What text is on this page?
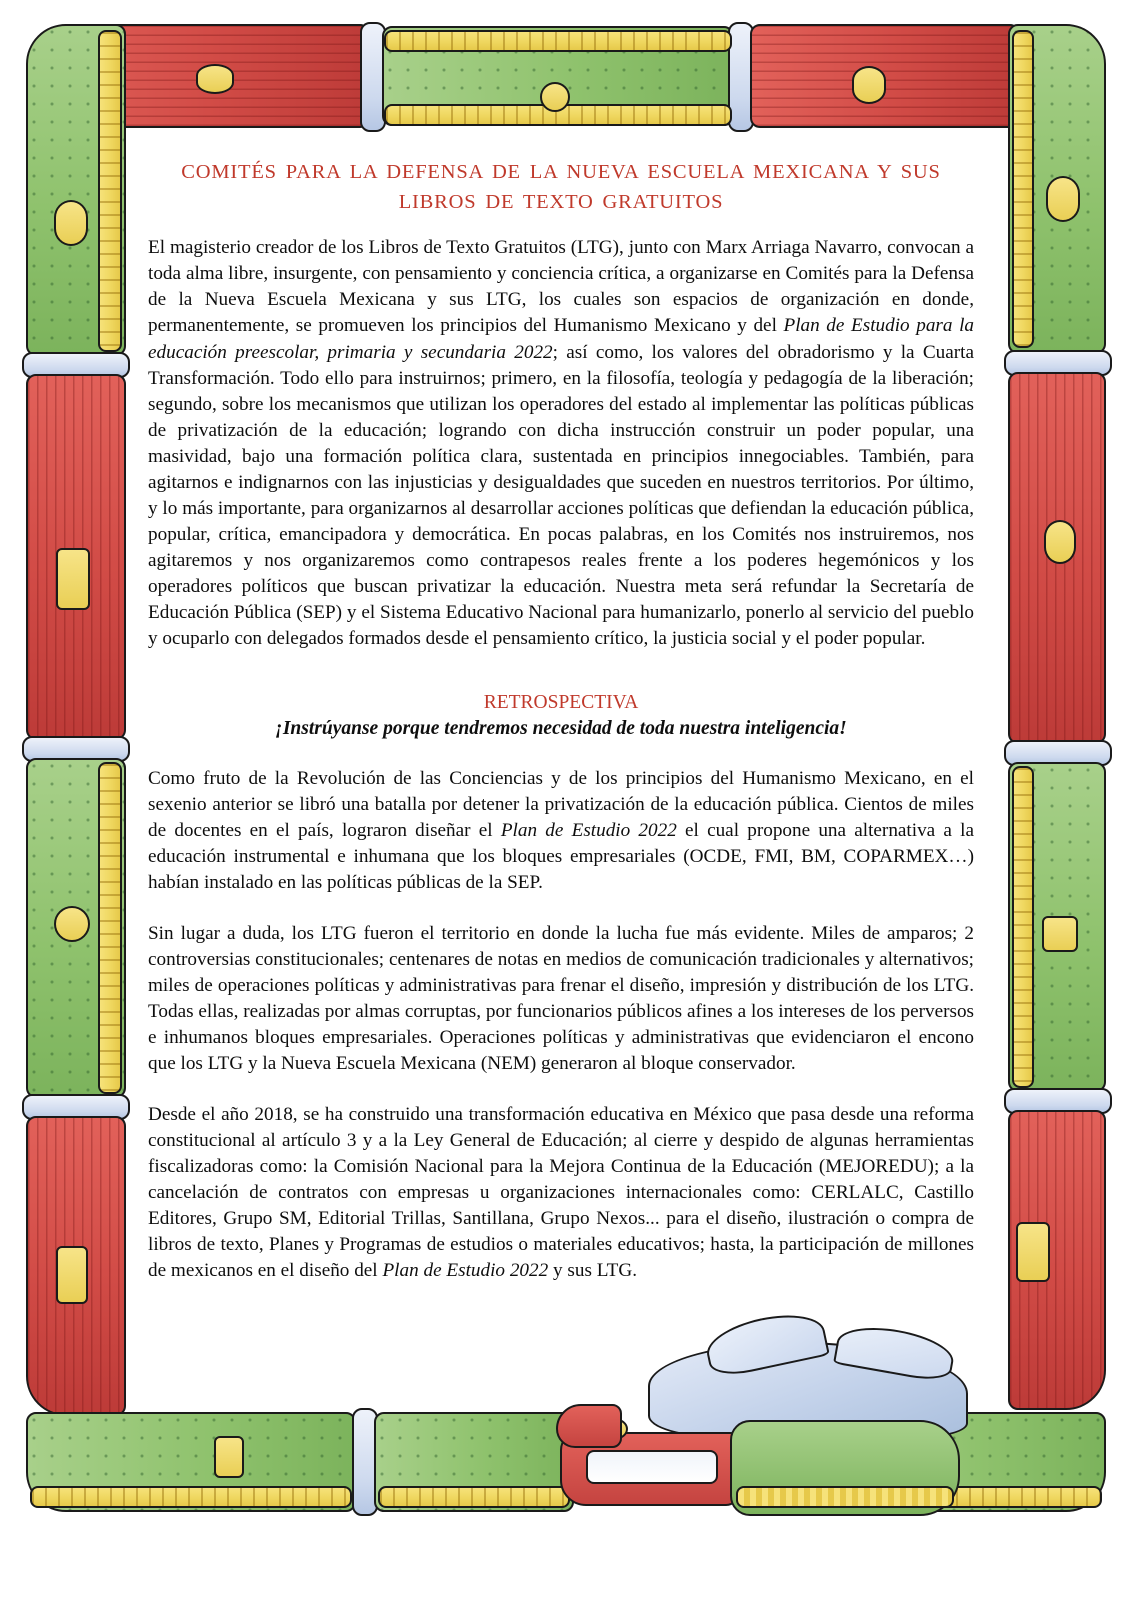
COMITÉS PARA LA DEFENSA DE LA NUEVA ESCUELA MEXICANA Y SUS LIBROS DE TEXTO GRATUITOS

El magisterio creador de los Libros de Texto Gratuitos (LTG), junto con Marx Arriaga Navarro, convocan a toda alma libre, insurgente, con pensamiento y conciencia crítica, a organizarse en Comités para la Defensa de la Nueva Escuela Mexicana y sus LTG, los cuales son espacios de organización en donde, permanentemente, se promueven los principios del Humanismo Mexicano y del Plan de Estudio para la educación preescolar, primaria y secundaria 2022; así como, los valores del obradorismo y la Cuarta Transformación. Todo ello para instruirnos; primero, en la filosofía, teología y pedagogía de la liberación; segundo, sobre los mecanismos que utilizan los operadores del estado al implementar las políticas públicas de privatización de la educación; logrando con dicha instrucción construir un poder popular, una masividad, bajo una formación política clara, sustentada en principios innegociables. También, para agitarnos e indignarnos con las injusticias y desigualdades que suceden en nuestros territorios. Por último, y lo más importante, para organizarnos al desarrollar acciones políticas que defiendan la educación pública, popular, crítica, emancipadora y democrática. En pocas palabras, en los Comités nos instruiremos, nos agitaremos y nos organizaremos como contrapesos reales frente a los poderes hegemónicos y los operadores políticos que buscan privatizar la educación. Nuestra meta será refundar la Secretaría de Educación Pública (SEP) y el Sistema Educativo Nacional para humanizarlo, ponerlo al servicio del pueblo y ocuparlo con delegados formados desde el pensamiento crítico, la justicia social y el poder popular.

RETROSPECTIVA

¡Instrúyanse porque tendremos necesidad de toda nuestra inteligencia!

Como fruto de la Revolución de las Conciencias y de los principios del Humanismo Mexicano, en el sexenio anterior se libró una batalla por detener la privatización de la educación pública. Cientos de miles de docentes en el país, lograron diseñar el Plan de Estudio 2022 el cual propone una alternativa a la educación instrumental e inhumana que los bloques empresariales (OCDE, FMI, BM, COPARMEX…) habían instalado en las políticas públicas de la SEP.

Sin lugar a duda, los LTG fueron el territorio en donde la lucha fue más evidente. Miles de amparos; 2 controversias constitucionales; centenares de notas en medios de comunicación tradicionales y alternativos; miles de operaciones políticas y administrativas para frenar el diseño, impresión y distribución de los LTG. Todas ellas, realizadas por almas corruptas, por funcionarios públicos afines a los intereses de los perversos e inhumanos bloques empresariales. Operaciones políticas y administrativas que evidenciaron el encono que los LTG y la Nueva Escuela Mexicana (NEM) generaron al bloque conservador.

Desde el año 2018, se ha construido una transformación educativa en México que pasa desde una reforma constitucional al artículo 3 y a la Ley General de Educación; al cierre y despido de algunas herramientas fiscalizadoras como: la Comisión Nacional para la Mejora Continua de la Educación (MEJOREDU); a la cancelación de contratos con empresas u organizaciones internacionales como: CERLALC, Castillo Editores, Grupo SM, Editorial Trillas, Santillana, Grupo Nexos... para el diseño, ilustración o compra de libros de texto, Planes y Programas de estudios o materiales educativos; hasta, la participación de millones de mexicanos en el diseño del Plan de Estudio 2022 y sus LTG.
